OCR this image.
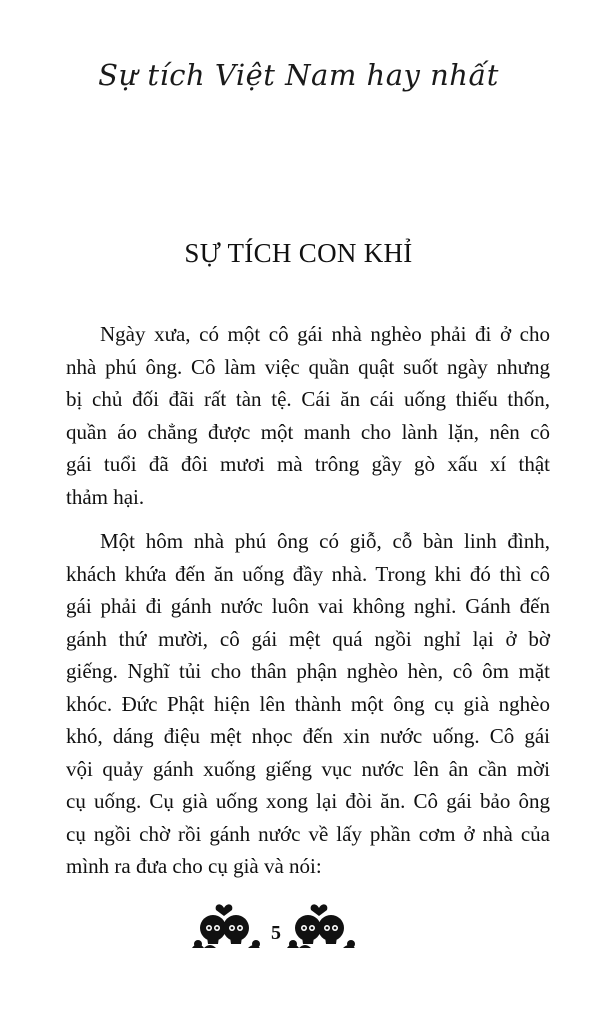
Sự tích Việt Nam hay nhất
SỰ TÍCH CON KHỈ

Ngày xưa, có một cô gái nhà nghèo phải đi ở cho
nhà phú ông. Cô làm việc quần quật suốt ngày nhưng
bị chủ đối đãi rất tàn tệ. Cái ăn cái uống thiếu thốn,
quần áo chẳng được một manh cho lành lặn, nên cô
gái tuổi đã đôi mươi mà trông gầy gò xấu xí thật
thảm hại.

Một hôm nhà phú ông có giỗ, cỗ bàn linh đình,
khách khứa đến ăn uống đầy nhà. Trong khi đó thì cô
gái phải đi gánh nước luôn vai không nghỉ. Gánh đến
gánh thứ mười, cô gái mệt quá ngồi nghỉ lại ở bờ
giếng. Nghĩ tủi cho thân phận nghèo hèn, cô ôm mặt
khóc. Đức Phật hiện lên thành một ông cụ già nghèo
khó, dáng điệu mệt nhọc đến xin nước uống. Cô gái
vội quảy gánh xuống giếng vục nước lên ân cần mời
cụ uống. Cụ già uống xong lại đòi ăn. Cô gái bảo ông
cụ ngồi chờ rồi gánh nước về lấy phần cơm ở nhà của
mình ra đưa cho cụ già và nói:

5
